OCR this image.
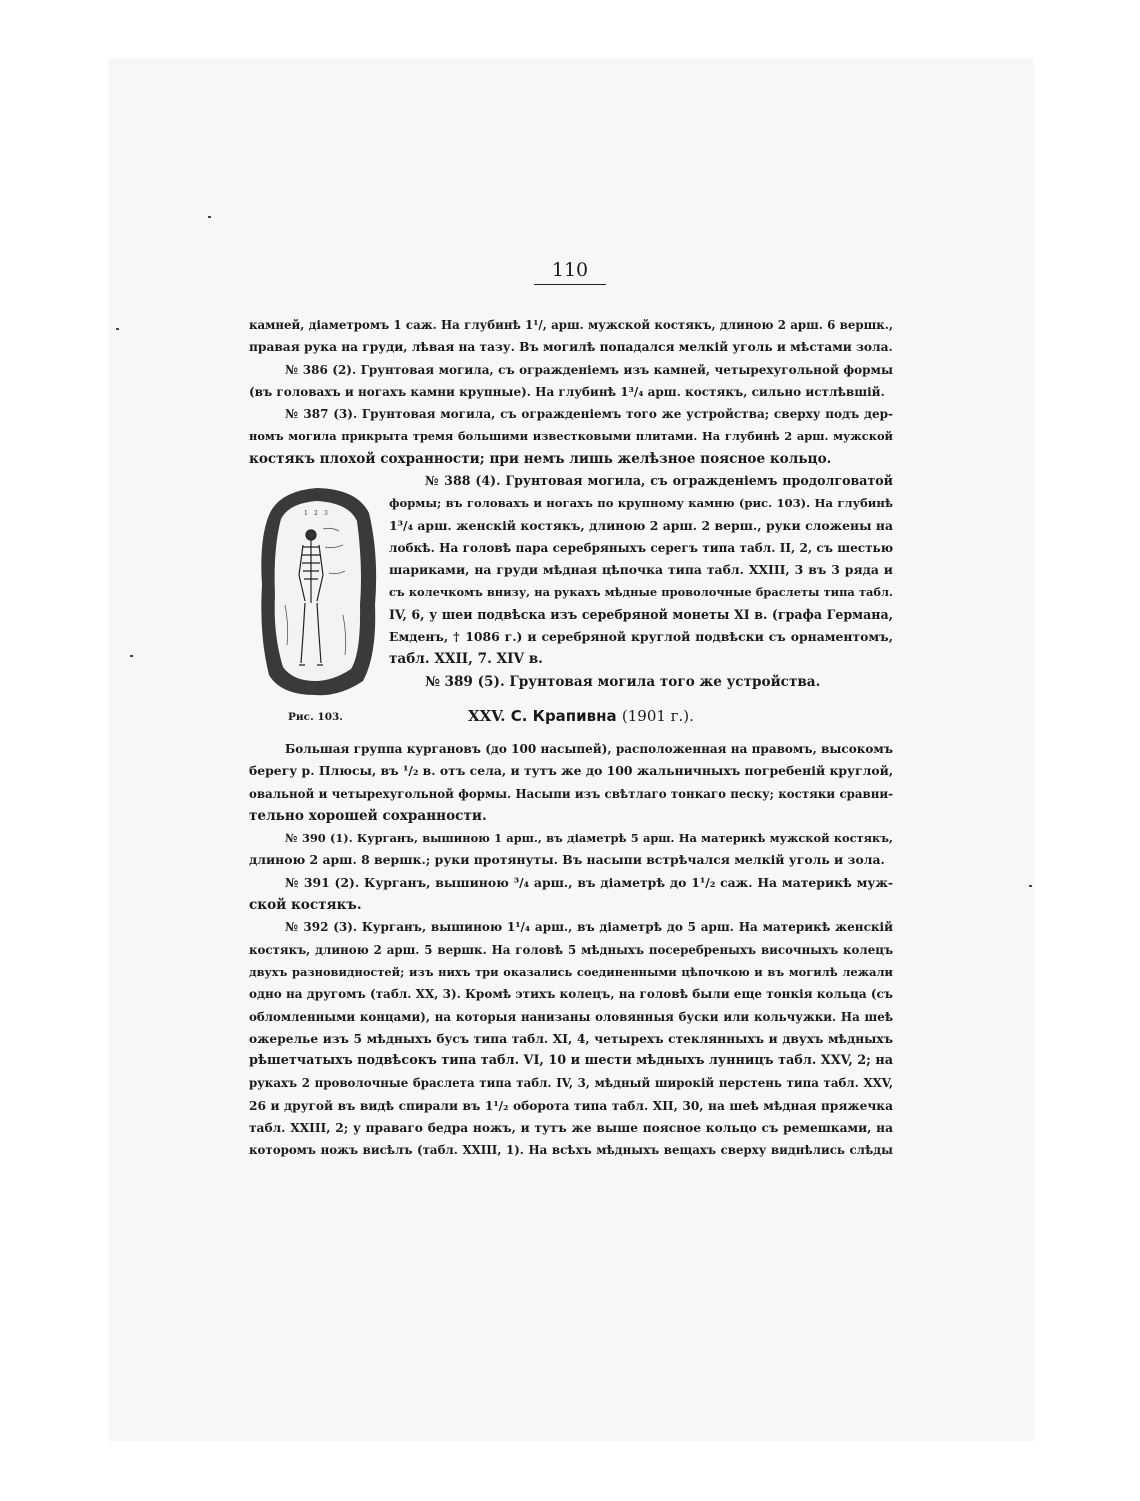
110
камней, діаметромъ 1 саж. На глубинѣ 1¹/, арш. мужской костякъ, длиною 2 арш. 6 вершк.,
правая рука на груди, лѣвая на тазу. Въ могилѣ попадался мелкій уголь и мѣстами зола.
№ 386 (2). Грунтовая могила, съ огражденіемъ изъ камней, четырехугольной формы
(въ головахъ и ногахъ камни крупные). На глубинѣ 1³/₄ арш. костякъ, сильно истлѣвшій.
№ 387 (3). Грунтовая могила, съ огражденіемъ того же устройства; сверху подъ дер-
номъ могила прикрыта тремя большими известковыми плитами. На глубинѣ 2 арш. мужской
костякъ плохой сохранности; при немъ лишь желѣзное поясное кольцо.
1 2 3
№ 388 (4). Грунтовая могила, съ огражденіемъ продолговатой
формы; въ головахъ и ногахъ по крупному камню (рис. 103). На глубинѣ
1³/₄ арш. женскій костякъ, длиною 2 арш. 2 верш., руки сложены на
лобкѣ. На головѣ пара серебряныхъ серегъ типа табл. II, 2, съ шестью
шариками, на груди мѣдная цѣпочка типа табл. XXIII, 3 въ 3 ряда и
съ колечкомъ внизу, на рукахъ мѣдные проволочные браслеты типа табл.
IV, 6, у шеи подвѣска изъ серебряной монеты XI в. (графа Германа,
Емденъ, † 1086 г.) и серебряной круглой подвѣски съ орнаментомъ,
табл. XXII, 7. XIV в.
№ 389 (5). Грунтовая могила того же устройства.
Рис. 103.	XXV. С. Крапивна (1901 г.).
Большая группа кургановъ (до 100 насыпей), расположенная на правомъ, высокомъ
берегу р. Плюсы, въ ¹/₂ в. отъ села, и тутъ же до 100 жальничныхъ погребеній круглой,
овальной и четырехугольной формы. Насыпи изъ свѣтлаго тонкаго песку; костяки сравни-
тельно хорошей сохранности.
№ 390 (1). Курганъ, вышиною 1 арш., въ діаметрѣ 5 арш. На материкѣ мужской костякъ,
длиною 2 арш. 8 вершк.; руки протянуты. Въ насыпи встрѣчался мелкій уголь и зола.
№ 391 (2). Курганъ, вышиною ³/₄ арш., въ діаметрѣ до 1¹/₂ саж. На материкѣ муж-
ской костякъ.
№ 392 (3). Курганъ, вышиною 1¹/₄ арш., въ діаметрѣ до 5 арш. На материкѣ женскій
костякъ, длиною 2 арш. 5 вершк. На головѣ 5 мѣдныхъ посеребреныхъ височныхъ колецъ
двухъ разновидностей; изъ нихъ три оказались соединенными цѣпочкою и въ могилѣ лежали
одно на другомъ (табл. XX, 3). Кромѣ этихъ колецъ, на головѣ были еще тонкія кольца (съ
обломленными концами), на которыя нанизаны оловянныя буски или кольчужки. На шеѣ
ожерелье изъ 5 мѣдныхъ бусъ типа табл. XI, 4, четырехъ стеклянныхъ и двухъ мѣдныхъ
рѣшетчатыхъ подвѣсокъ типа табл. VI, 10 и шести мѣдныхъ лунницъ табл. XXV, 2; на
рукахъ 2 проволочные браслета типа табл. IV, 3, мѣдный широкій перстень типа табл. XXV,
26 и другой въ видѣ спирали въ 1¹/₂ оборота типа табл. XII, 30, на шеѣ мѣдная пряжечка
табл. XXIII, 2; у праваго бедра ножъ, и тутъ же выше поясное кольцо съ ремешками, на
которомъ ножъ висѣлъ (табл. XXIII, 1). На всѣхъ мѣдныхъ вещахъ сверху виднѣлись слѣды
